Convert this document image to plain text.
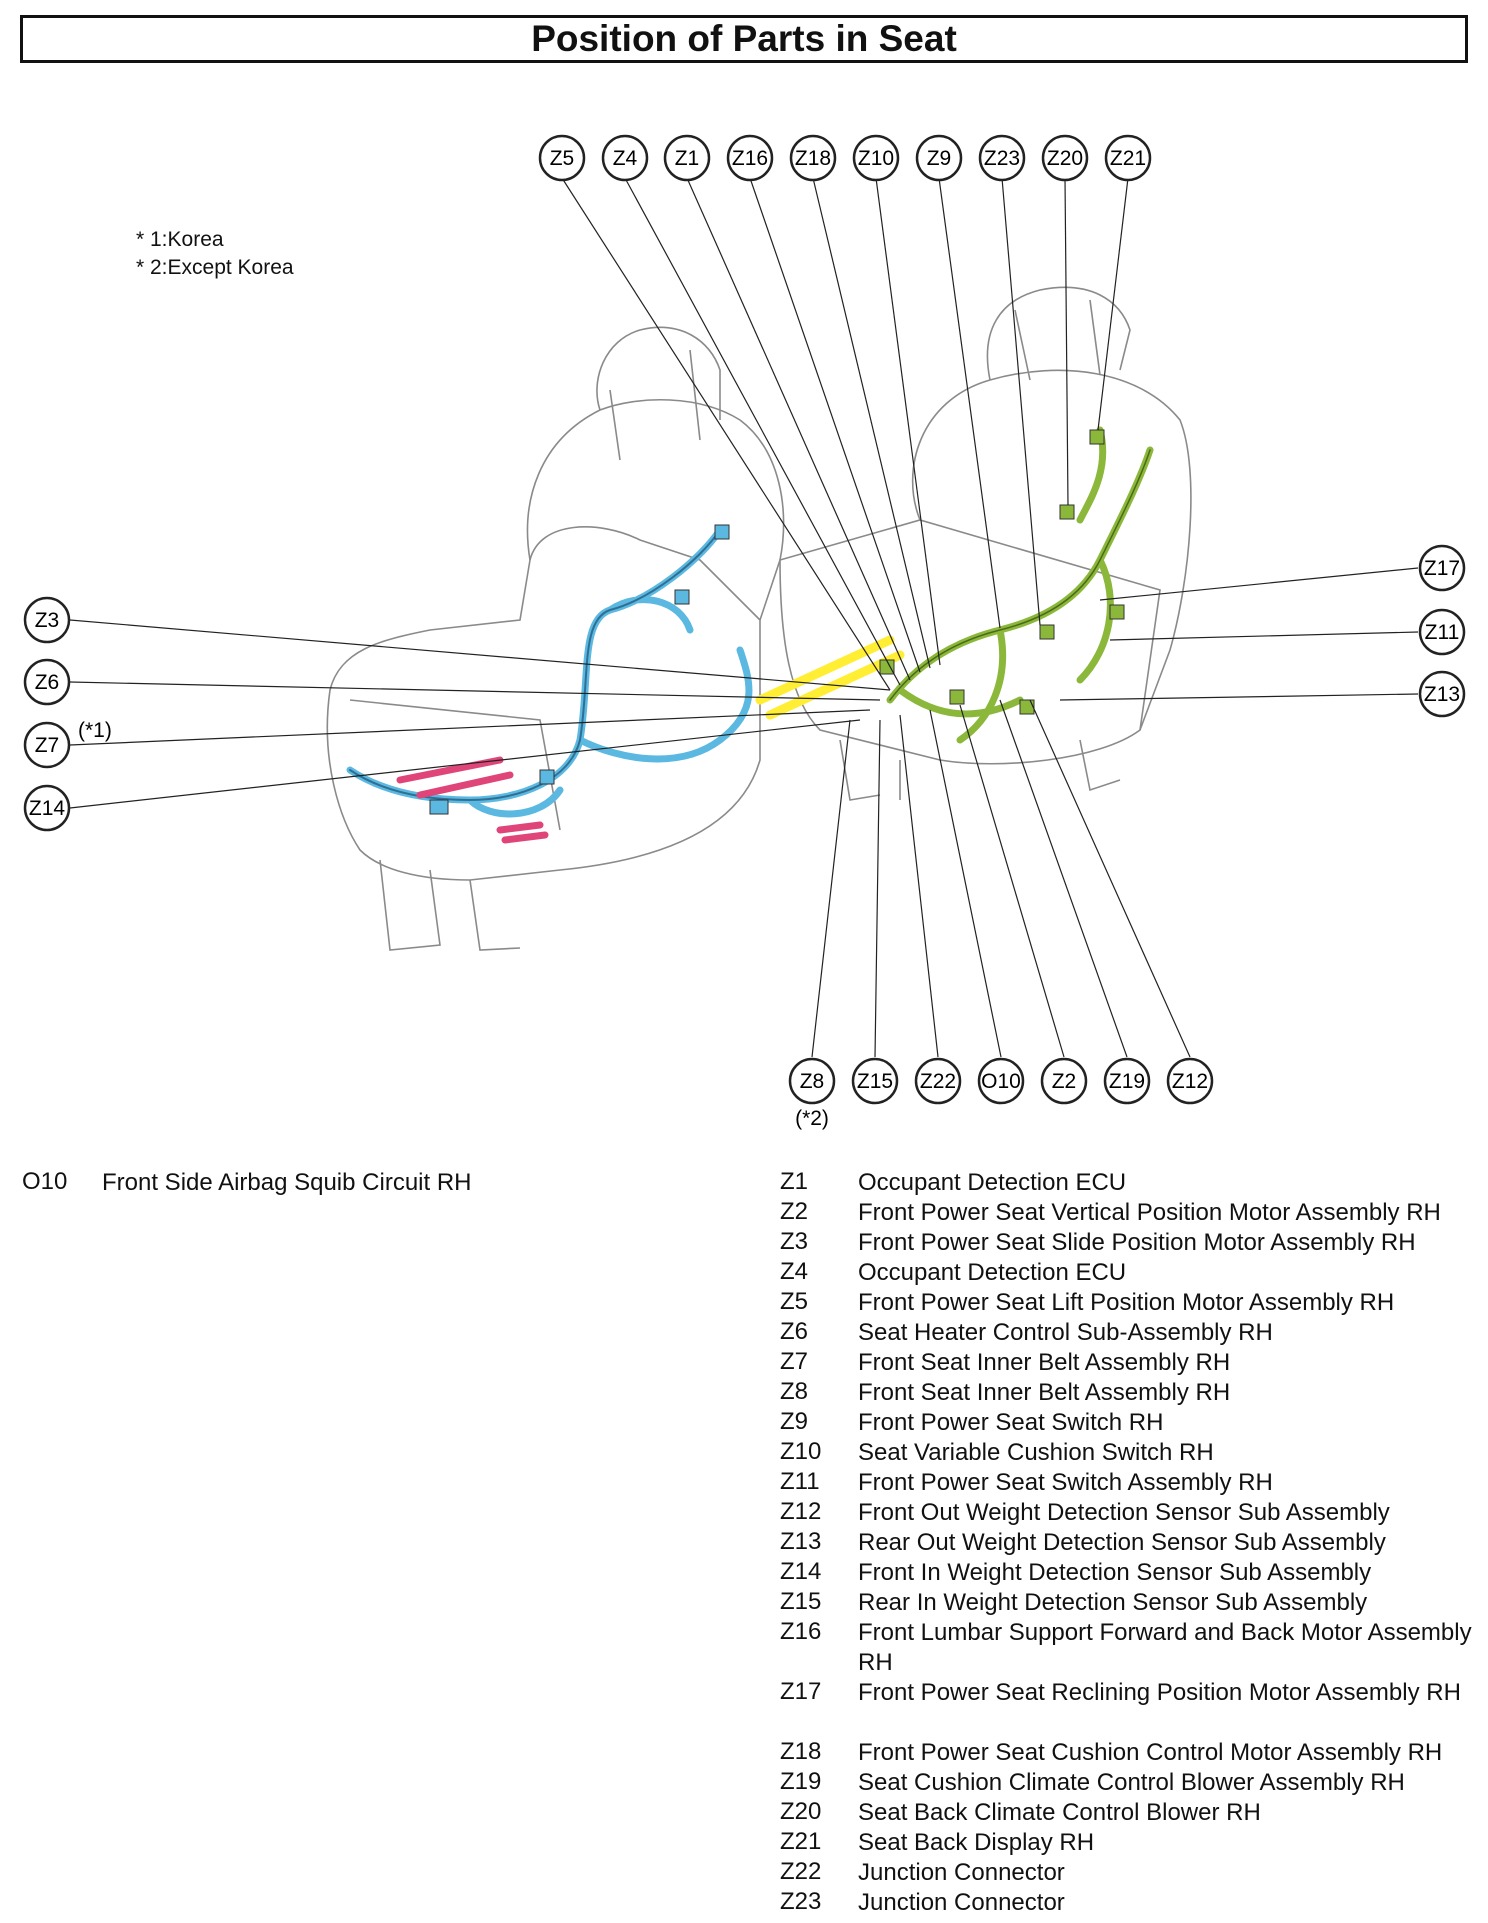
Position of Parts in Seat
* 1:Korea
* 2:Except Korea
Z5 Z4 Z1 Z16 Z18 Z10 Z9 Z23 Z20 Z21
Z3
Z6
Z7
Z14
(*1)
Z17
Z11
Z13
Z8 Z15 Z22 O10 Z2 Z19 Z12
(*2)
O10 Front Side Airbag Squib Circuit RH	Z1 Occupant Detection ECU
Z2 Front Power Seat Vertical Position Motor Assembly RH
Z3 Front Power Seat Slide Position Motor Assembly RH
Z4 Occupant Detection ECU
Z5 Front Power Seat Lift Position Motor Assembly RH
Z6 Seat Heater Control Sub-Assembly RH
Z7 Front Seat Inner Belt Assembly RH
Z8 Front Seat Inner Belt Assembly RH
Z9 Front Power Seat Switch RH
Z10 Seat Variable Cushion Switch RH
Z11 Front Power Seat Switch Assembly RH
Z12 Front Out Weight Detection Sensor Sub Assembly
Z13 Rear Out Weight Detection Sensor Sub Assembly
Z14 Front In Weight Detection Sensor Sub Assembly
Z15 Rear In Weight Detection Sensor Sub Assembly
Z16 Front Lumbar Support Forward and Back Motor Assembly RH
Z17 Front Power Seat Reclining Position Motor Assembly RH
Z18 Front Power Seat Cushion Control Motor Assembly RH
Z19 Seat Cushion Climate Control Blower Assembly RH
Z20 Seat Back Climate Control Blower RH
Z21 Seat Back Display RH
Z22 Junction Connector
Z23 Junction Connector
